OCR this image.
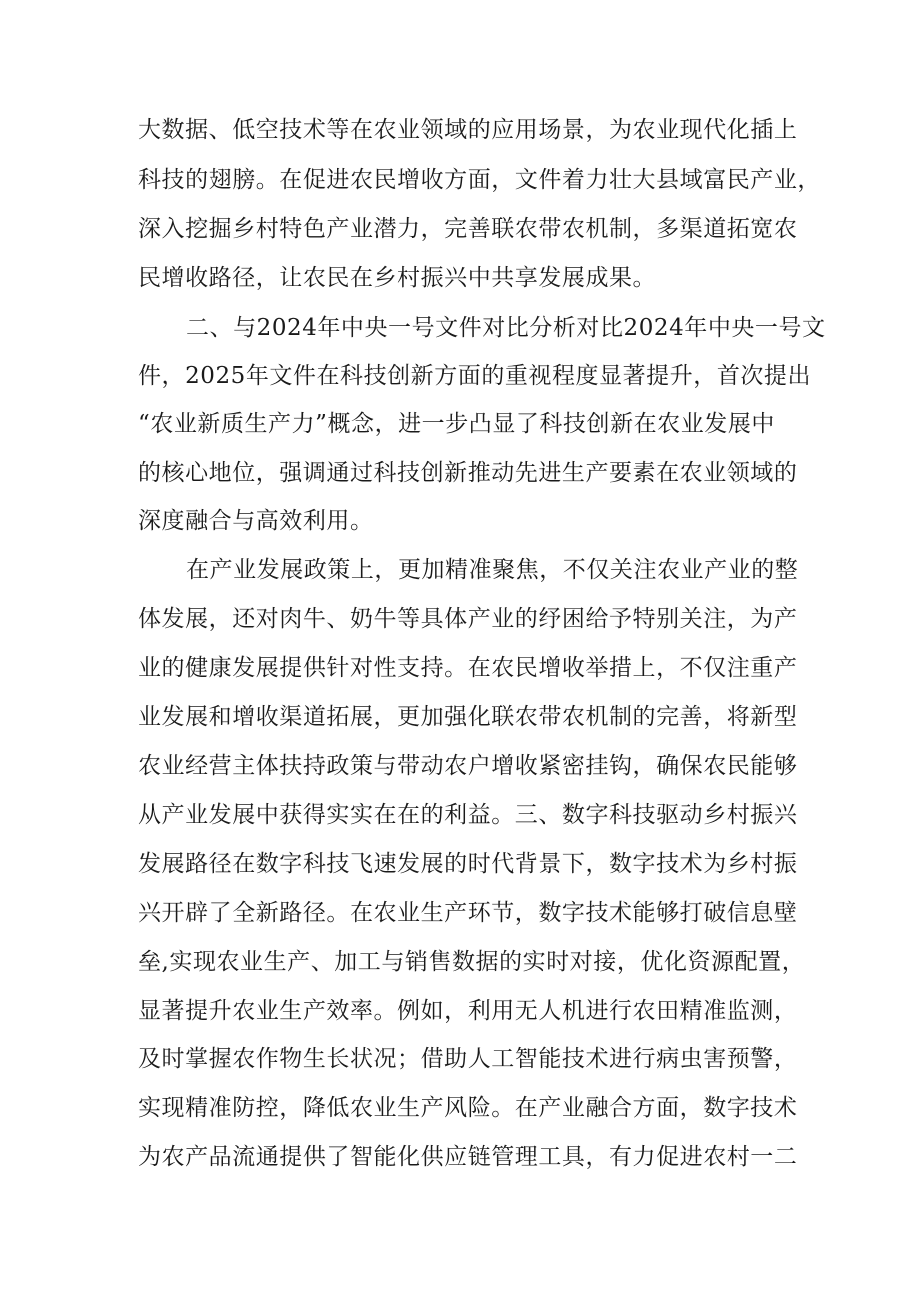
大数据、低空技术等在农业领域的应用场景，为农业现代化插上
科技的翅膀。在促进农民增收方面，文件着力壮大县域富民产业，
深入挖掘乡村特色产业潜力，完善联农带农机制，多渠道拓宽农
民增收路径，让农民在乡村振兴中共享发展成果。
二、与2024年中央一号文件对比分析对比2024年中央一号文
件，2025年文件在科技创新方面的重视程度显著提升，首次提出
“农业新质生产力”概念，进一步凸显了科技创新在农业发展中
的核心地位，强调通过科技创新推动先进生产要素在农业领域的
深度融合与高效利用。
在产业发展政策上，更加精准聚焦，不仅关注农业产业的整
体发展，还对肉牛、奶牛等具体产业的纾困给予特别关注，为产
业的健康发展提供针对性支持。在农民增收举措上，不仅注重产
业发展和增收渠道拓展，更加强化联农带农机制的完善，将新型
农业经营主体扶持政策与带动农户增收紧密挂钩，确保农民能够
从产业发展中获得实实在在的利益。三、数字科技驱动乡村振兴
发展路径在数字科技飞速发展的时代背景下，数字技术为乡村振
兴开辟了全新路径。在农业生产环节，数字技术能够打破信息壁
垒,实现农业生产、加工与销售数据的实时对接，优化资源配置，
显著提升农业生产效率。例如，利用无人机进行农田精准监测，
及时掌握农作物生长状况；借助人工智能技术进行病虫害预警，
实现精准防控，降低农业生产风险。在产业融合方面，数字技术
为农产品流通提供了智能化供应链管理工具，有力促进农村一二
